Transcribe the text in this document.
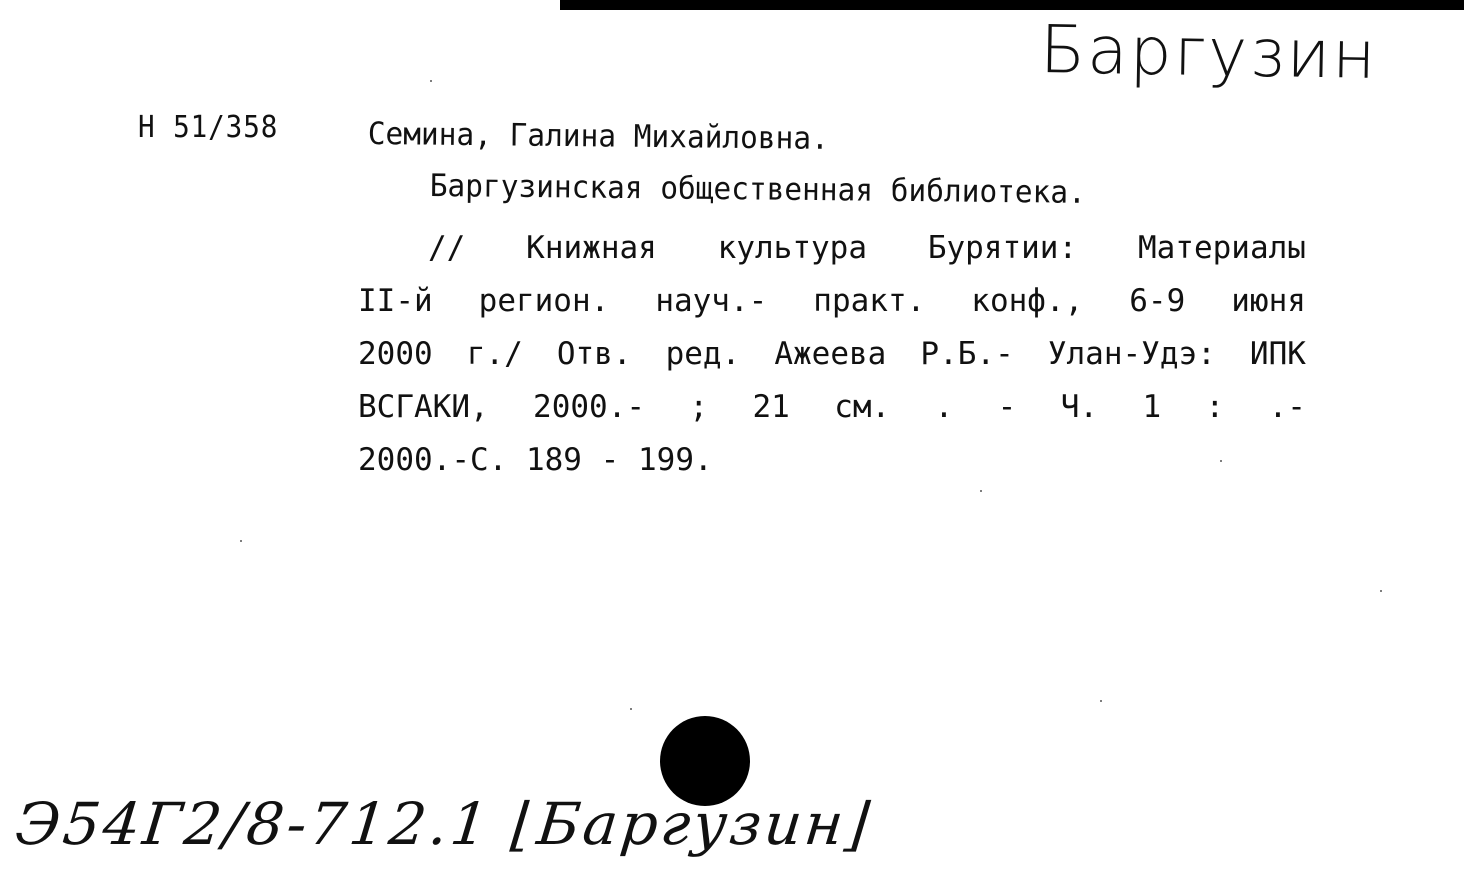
Баргузин
Н 51/358	Семина, Галина Михайловна.
Баргузинская общественная библиотека.
// Книжная культура Бурятии: Материалы
II-й регион. науч.- практ. конф., 6-9 июня
2000 г./ Отв. ред. Ажеева Р.Б.- Улан-Удэ: ИПК
ВСГАКИ, 2000.- ; 21 см. . - Ч. 1 : .-
2000.-С.
189
-
199.
Э54Г2/8-712.1 ⌊Баргузин⌋
